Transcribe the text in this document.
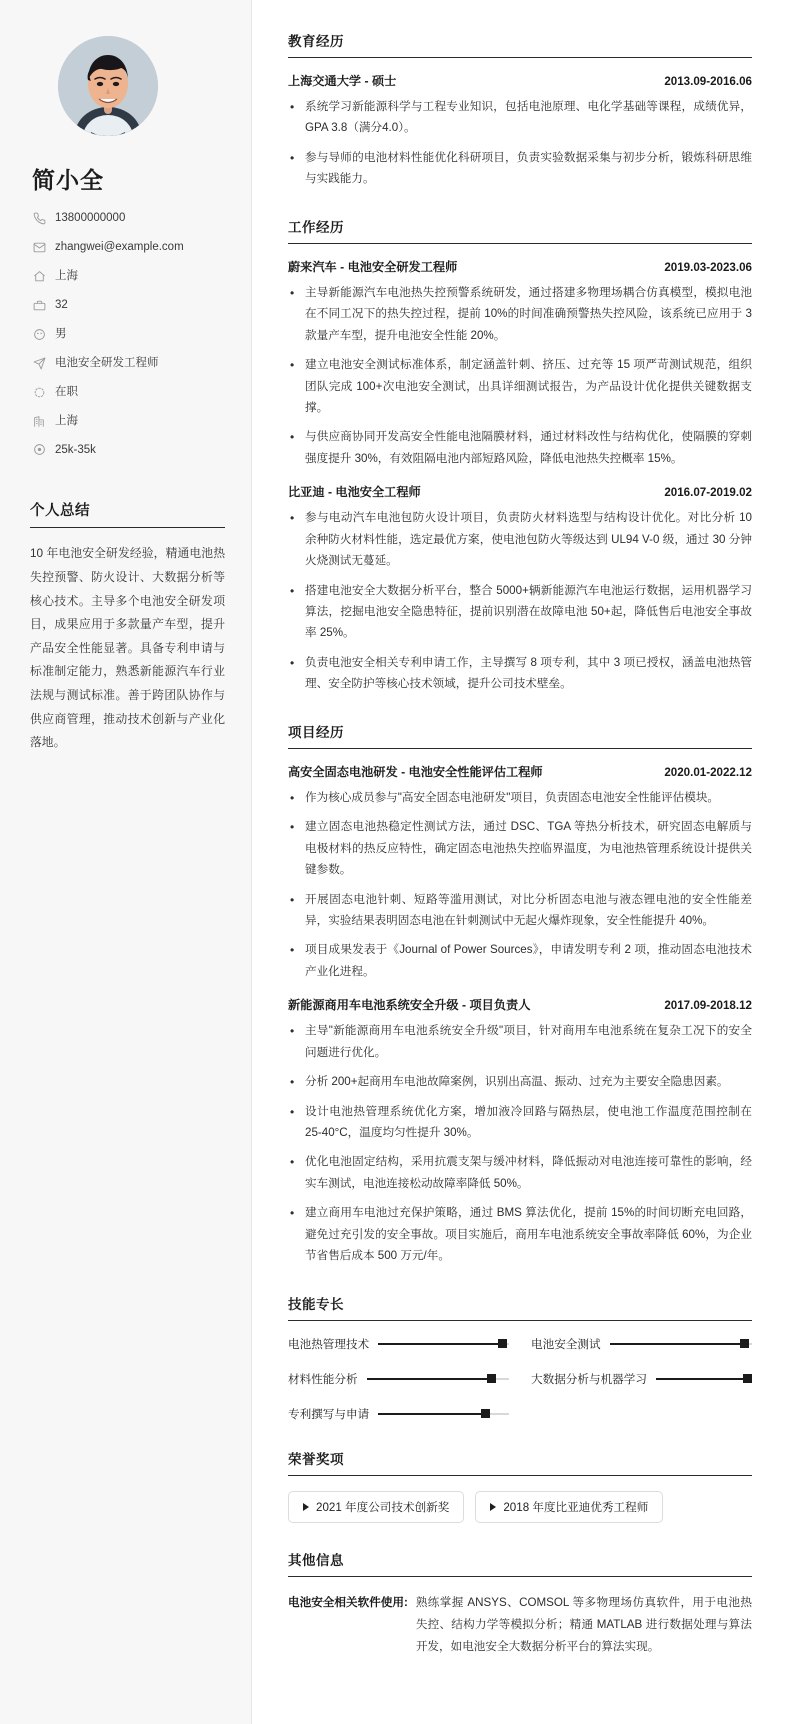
简小全
13800000000
zhangwei@example.com
上海
32
男
电池安全研发工程师
在职
上海
25k-35k
个人总结
10 年电池安全研发经验，精通电池热失控预警、防火设计、大数据分析等核心技术。主导多个电池安全研发项目，成果应用于多款量产车型，提升产品安全性能显著。具备专利申请与标准制定能力，熟悉新能源汽车行业法规与测试标准。善于跨团队协作与供应商管理，推动技术创新与产业化落地。
教育经历
上海交通大学 - 硕士	2013.09-2016.06
• 系统学习新能源科学与工程专业知识，包括电池原理、电化学基础等课程，成绩优异，GPA 3.8（满分4.0）。
• 参与导师的电池材料性能优化科研项目，负责实验数据采集与初步分析，锻炼科研思维与实践能力。
工作经历
蔚来汽车 - 电池安全研发工程师	2019.03-2023.06
• 主导新能源汽车电池热失控预警系统研发，通过搭建多物理场耦合仿真模型，模拟电池在不同工况下的热失控过程，提前 10%的时间准确预警热失控风险，该系统已应用于 3 款量产车型，提升电池安全性能 20%。
• 建立电池安全测试标准体系，制定涵盖针刺、挤压、过充等 15 项严苛测试规范，组织团队完成 100+次电池安全测试，出具详细测试报告，为产品设计优化提供关键数据支撑。
• 与供应商协同开发高安全性能电池隔膜材料，通过材料改性与结构优化，使隔膜的穿刺强度提升 30%，有效阻隔电池内部短路风险，降低电池热失控概率 15%。
比亚迪 - 电池安全工程师	2016.07-2019.02
• 参与电动汽车电池包防火设计项目，负责防火材料选型与结构设计优化。对比分析 10 余种防火材料性能，选定最优方案，使电池包防火等级达到 UL94 V-0 级，通过 30 分钟火烧测试无蔓延。
• 搭建电池安全大数据分析平台，整合 5000+辆新能源汽车电池运行数据，运用机器学习算法，挖掘电池安全隐患特征，提前识别潜在故障电池 50+起，降低售后电池安全事故率 25%。
• 负责电池安全相关专利申请工作，主导撰写 8 项专利，其中 3 项已授权，涵盖电池热管理、安全防护等核心技术领域，提升公司技术壁垒。
项目经历
高安全固态电池研发 - 电池安全性能评估工程师	2020.01-2022.12
• 作为核心成员参与"高安全固态电池研发"项目，负责固态电池安全性能评估模块。
• 建立固态电池热稳定性测试方法，通过 DSC、TGA 等热分析技术，研究固态电解质与电极材料的热反应特性，确定固态电池热失控临界温度，为电池热管理系统设计提供关键参数。
• 开展固态电池针刺、短路等滥用测试，对比分析固态电池与液态锂电池的安全性能差异，实验结果表明固态电池在针刺测试中无起火爆炸现象，安全性能提升 40%。
• 项目成果发表于《Journal of Power Sources》，申请发明专利 2 项，推动固态电池技术产业化进程。
新能源商用车电池系统安全升级 - 项目负责人	2017.09-2018.12
• 主导"新能源商用车电池系统安全升级"项目，针对商用车电池系统在复杂工况下的安全问题进行优化。
• 分析 200+起商用车电池故障案例，识别出高温、振动、过充为主要安全隐患因素。
• 设计电池热管理系统优化方案，增加液冷回路与隔热层，使电池工作温度范围控制在 25-40°C，温度均匀性提升 30%。
• 优化电池固定结构，采用抗震支架与缓冲材料，降低振动对电池连接可靠性的影响，经实车测试，电池连接松动故障率降低 50%。
• 建立商用车电池过充保护策略，通过 BMS 算法优化，提前 15%的时间切断充电回路，避免过充引发的安全事故。项目实施后，商用车电池系统安全事故率降低 60%，为企业节省售后成本 500 万元/年。
技能专长
电池热管理技术	电池安全测试
材料性能分析	大数据分析与机器学习
专利撰写与申请
荣誉奖项
2021 年度公司技术创新奖	2018 年度比亚迪优秀工程师
其他信息
电池安全相关软件使用: 熟练掌握 ANSYS、COMSOL 等多物理场仿真软件，用于电池热失控、结构力学等模拟分析；精通 MATLAB 进行数据处理与算法开发，如电池安全大数据分析平台的算法实现。
